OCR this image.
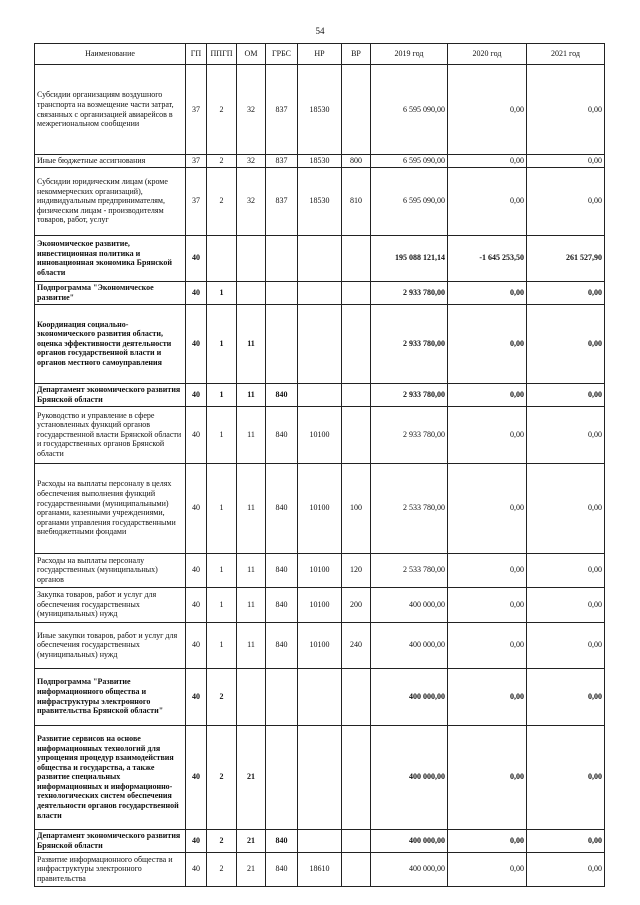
54
Наименование	ГП	ППГП	ОМ	ГРБС	НР	ВР	2019 год	2020 год	2021 год
Субсидии организациям воздушного транспорта на возмещение части затрат, связанных с организацией авиарейсов в межрегиональном сообщении	37	2	32	837	18530		6 595 090,00	0,00	0,00
Иные бюджетные ассигнования	37	2	32	837	18530	800	6 595 090,00	0,00	0,00
Субсидии юридическим лицам (кроме некоммерческих организаций), индивидуальным предпринимателям, физическим лицам - производителям товаров, работ, услуг	37	2	32	837	18530	810	6 595 090,00	0,00	0,00
Экономическое развитие, инвестиционная политика и инновационная экономика Брянской области	40						195 088 121,14	-1 645 253,50	261 527,90
Подпрограмма "Экономическое развитие"	40	1					2 933 780,00	0,00	0,00
Координация социально-экономического развития области, оценка эффективности деятельности органов государственной власти и органов местного самоуправления	40	1	11				2 933 780,00	0,00	0,00
Департамент экономического развития Брянской области	40	1	11	840			2 933 780,00	0,00	0,00
Руководство и управление в сфере установленных функций органов государственной власти Брянской области и государственных органов Брянской области	40	1	11	840	10100		2 933 780,00	0,00	0,00
Расходы на выплаты персоналу в целях обеспечения выполнения функций государственными (муниципальными) органами, казенными учреждениями, органами управления государственными внебюджетными фондами	40	1	11	840	10100	100	2 533 780,00	0,00	0,00
Расходы на выплаты персоналу государственных (муниципальных) органов	40	1	11	840	10100	120	2 533 780,00	0,00	0,00
Закупка товаров, работ и услуг для обеспечения государственных (муниципальных) нужд	40	1	11	840	10100	200	400 000,00	0,00	0,00
Иные закупки товаров, работ и услуг для обеспечения государственных (муниципальных) нужд	40	1	11	840	10100	240	400 000,00	0,00	0,00
Подпрограмма "Развитие информационного общества и инфраструктуры электронного правительства Брянской области"	40	2					400 000,00	0,00	0,00
Развитие сервисов на основе информационных технологий для упрощения процедур взаимодействия общества и государства, а также развитие специальных информационных и информационно-технологических систем обеспечения деятельности органов государственной власти	40	2	21				400 000,00	0,00	0,00
Департамент экономического развития Брянской области	40	2	21	840			400 000,00	0,00	0,00
Развитие информационного общества и инфраструктуры электронного правительства	40	2	21	840	18610		400 000,00	0,00	0,00
